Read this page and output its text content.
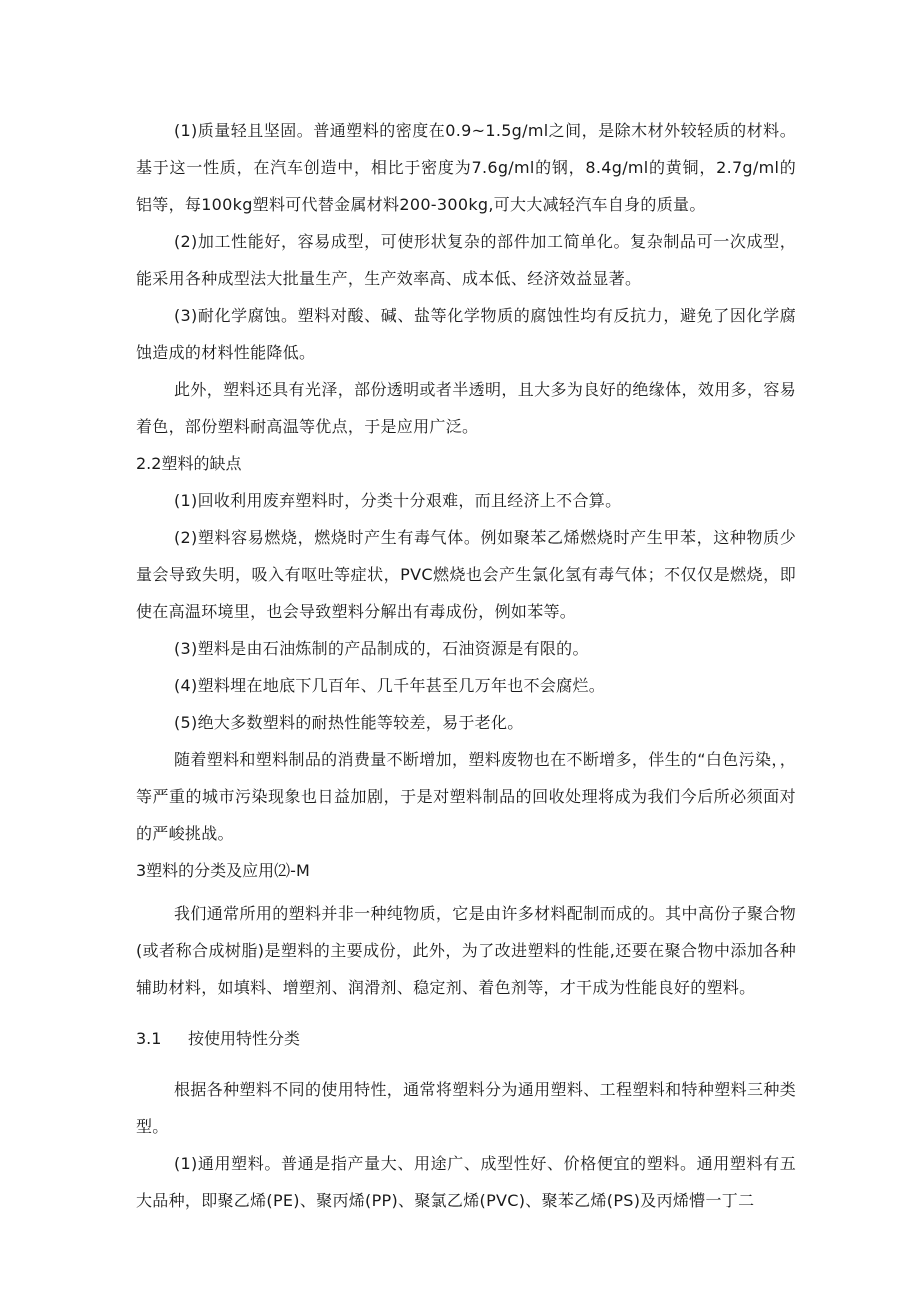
(1)质量轻且坚固。普通塑料的密度在0.9~1.5g/ml之间，是除木材外较轻质的材料。基于这一性质，在汽车创造中，相比于密度为7.6g/ml的钢，8.4g/ml的黄铜，2.7g/ml的铝等，每100kg塑料可代替金属材料200-300kg,可大大减轻汽车自身的质量。

(2)加工性能好，容易成型，可使形状复杂的部件加工简单化。复杂制品可一次成型，能采用各种成型法大批量生产，生产效率高、成本低、经济效益显著。

(3)耐化学腐蚀。塑料对酸、碱、盐等化学物质的腐蚀性均有反抗力，避免了因化学腐蚀造成的材料性能降低。

此外，塑料还具有光泽，部份透明或者半透明，且大多为良好的绝缘体，效用多，容易着色，部份塑料耐高温等优点，于是应用广泛。

2.2塑料的缺点

(1)回收利用废弃塑料时，分类十分艰难，而且经济上不合算。

(2)塑料容易燃烧，燃烧时产生有毒气体。例如聚苯乙烯燃烧时产生甲苯，这种物质少量会导致失明，吸入有呕吐等症状，PVC燃烧也会产生氯化氢有毒气体；不仅仅是燃烧，即使在高温环境里，也会导致塑料分解出有毒成份，例如苯等。

(3)塑料是由石油炼制的产品制成的，石油资源是有限的。

(4)塑料埋在地底下几百年、几千年甚至几万年也不会腐烂。

(5)绝大多数塑料的耐热性能等较差，易于老化。

随着塑料和塑料制品的消费量不断增加，塑料废物也在不断增多，伴生的“白色污染，，等严重的城市污染现象也日益加剧，于是对塑料制品的回收处理将成为我们今后所必须面对的严峻挑战。

3塑料的分类及应用⑵-M

我们通常所用的塑料并非一种纯物质，它是由许多材料配制而成的。其中高份子聚合物(或者称合成树脂)是塑料的主要成份，此外，为了改进塑料的性能,还要在聚合物中添加各种辅助材料，如填料、增塑剂、润滑剂、稳定剂、着色剂等，才干成为性能良好的塑料。

3.1 按使用特性分类

根据各种塑料不同的使用特性，通常将塑料分为通用塑料、工程塑料和特种塑料三种类型。

(1)通用塑料。普通是指产量大、用途广、成型性好、价格便宜的塑料。通用塑料有五大品种，即聚乙烯(PE)、聚丙烯(PP)、聚氯乙烯(PVC)、聚苯乙烯(PS)及丙烯懵一丁二
